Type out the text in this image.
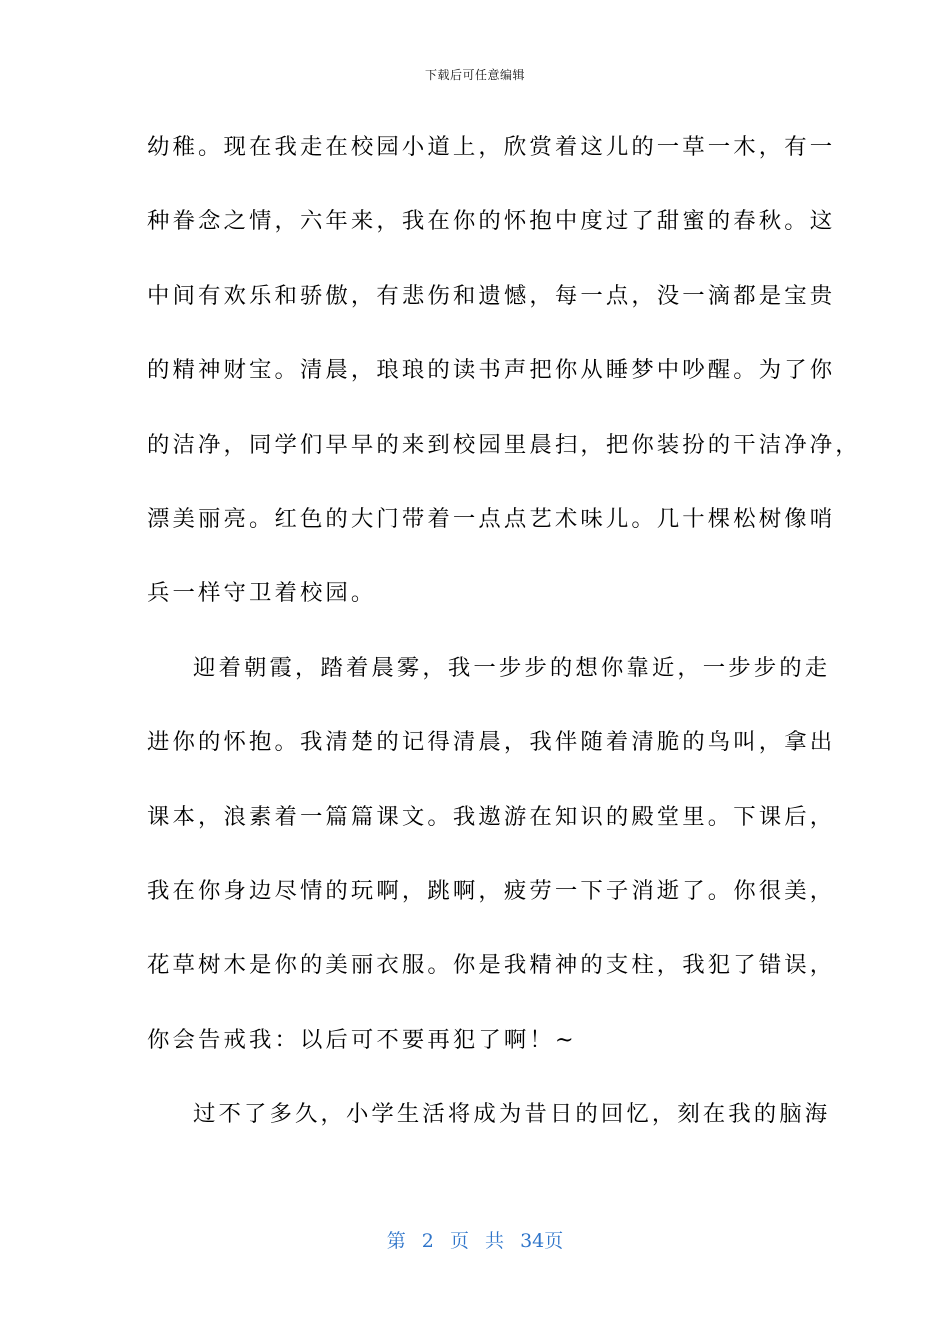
下载后可任意编辑
幼稚。现在我走在校园小道上，欣赏着这儿的一草一木，有一
种眷念之情，六年来，我在你的怀抱中度过了甜蜜的春秋。这
中间有欢乐和骄傲，有悲伤和遗憾，每一点，没一滴都是宝贵
的精神财宝。清晨，琅琅的读书声把你从睡梦中吵醒。为了你
的洁净，同学们早早的来到校园里晨扫，把你装扮的干洁净净，
漂美丽亮。红色的大门带着一点点艺术味儿。几十棵松树像哨
兵一样守卫着校园。
迎着朝霞，踏着晨雾，我一步步的想你靠近，一步步的走
进你的怀抱。我清楚的记得清晨，我伴随着清脆的鸟叫，拿出
课本，浪素着一篇篇课文。我遨游在知识的殿堂里。下课后，
我在你身边尽情的玩啊，跳啊，疲劳一下子消逝了。你很美，
花草树木是你的美丽衣服。你是我精神的支柱，我犯了错误，
你会告戒我：以后可不要再犯了啊！~
过不了多久，小学生活将成为昔日的回忆，刻在我的脑海
第 2 页 共 34页
